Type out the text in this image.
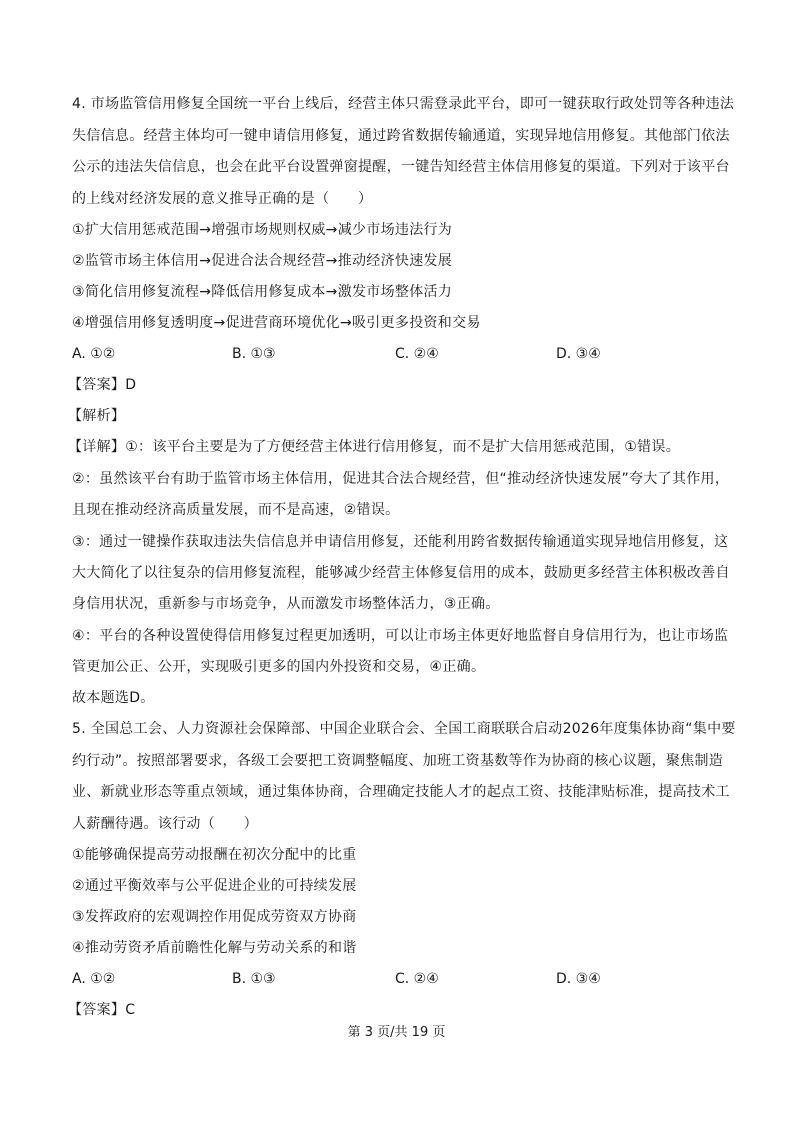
4. 市场监管信用修复全国统一平台上线后，经营主体只需登录此平台，即可一键获取行政处罚等各种违法
失信信息。经营主体均可一键申请信用修复，通过跨省数据传输通道，实现异地信用修复。其他部门依法
公示的违法失信信息，也会在此平台设置弹窗提醒，一键告知经营主体信用修复的渠道。下列对于该平台
的上线对经济发展的意义推导正确的是（　　）
①扩大信用惩戒范围→增强市场规则权威→减少市场违法行为
②监管市场主体信用→促进合法合规经营→推动经济快速发展
③简化信用修复流程→降低信用修复成本→激发市场整体活力
④增强信用修复透明度→促进营商环境优化→吸引更多投资和交易
A. ①②	B. ①③	C. ②④	D. ③④
【答案】D
【解析】
【详解】①：该平台主要是为了方便经营主体进行信用修复，而不是扩大信用惩戒范围，①错误。
②：虽然该平台有助于监管市场主体信用，促进其合法合规经营，但“推动经济快速发展”夸大了其作用，
且现在推动经济高质量发展，而不是高速，②错误。
③：通过一键操作获取违法失信信息并申请信用修复，还能利用跨省数据传输通道实现异地信用修复，这
大大简化了以往复杂的信用修复流程，能够减少经营主体修复信用的成本，鼓励更多经营主体积极改善自
身信用状况，重新参与市场竞争，从而激发市场整体活力，③正确。
④：平台的各种设置使得信用修复过程更加透明，可以让市场主体更好地监督自身信用行为，也让市场监
管更加公正、公开，实现吸引更多的国内外投资和交易，④正确。
故本题选D。
5. 全国总工会、人力资源社会保障部、中国企业联合会、全国工商联联合启动2026年度集体协商“集中要
约行动”。按照部署要求，各级工会要把工资调整幅度、加班工资基数等作为协商的核心议题，聚焦制造
业、新就业形态等重点领域，通过集体协商，合理确定技能人才的起点工资、技能津贴标准，提高技术工
人薪酬待遇。该行动（　　）
①能够确保提高劳动报酬在初次分配中的比重
②通过平衡效率与公平促进企业的可持续发展
③发挥政府的宏观调控作用促成劳资双方协商
④推动劳资矛盾前瞻性化解与劳动关系的和谐
A. ①②	B. ①③	C. ②④	D. ③④
【答案】C
第 3 页/共 19 页
